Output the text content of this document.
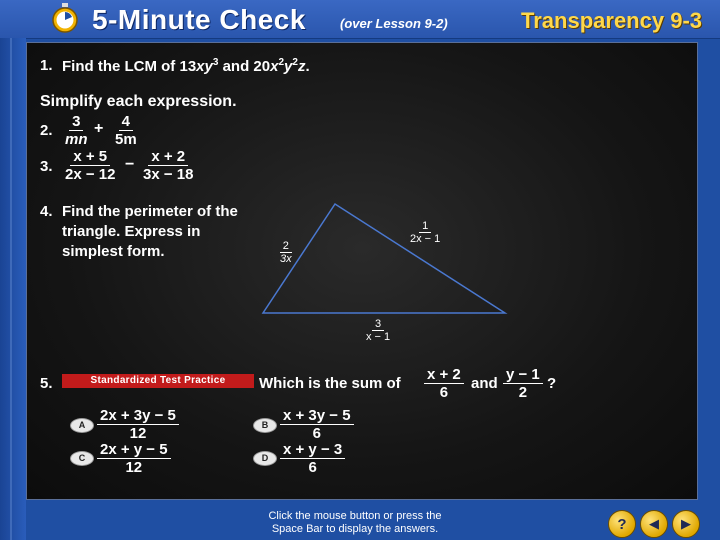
5-Minute Check	(over Lesson 9-2)	Transparency 9-3
1. Find the LCM of $13xy^3$ and $20x^2y^2z$.
Simplify each expression.
2. $\frac{3}{mn} + \frac{4}{5m}$
3. $\frac{x + 5}{2x - 12} - \frac{x + 2}{3x - 18}$
4. Find the perimeter of the
triangle. Express in
simplest form.	$\frac{2}{3x}$
$\frac{1}{2x - 1}$
$\frac{3}{x - 1}$
5.	Standardized Test Practice	Which is the sum of $\frac{x + 2}{6}$ and $\frac{y - 1}{2}$ ?
A $\frac{2x + 3y - 5}{12}$	B $\frac{x + 3y - 5}{6}$
C $\frac{2x + y - 5}{12}$	D $\frac{x + y - 3}{6}$
Click the mouse button or press the
Space Bar to display the answers.	? ◀ ▶
